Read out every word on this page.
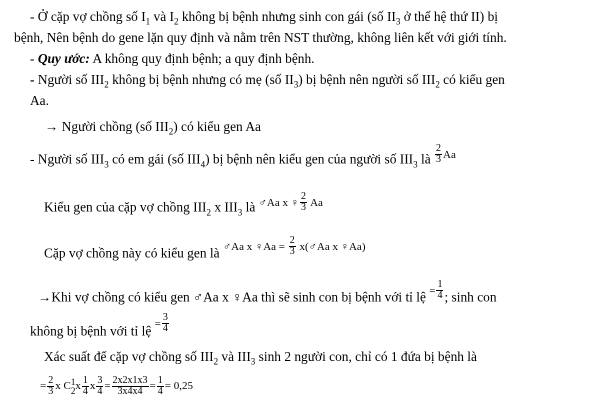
- Ở cặp vợ chồng số $I_1$ và $I_2$ không bị bệnh nhưng sinh con gái (số $II_3$ ở thế hệ thứ II) bị
bệnh, Nên bệnh do gene lặn quy định và nằm trên NST thường, không liên kết với giới tính.
- Quy ước: A không quy định bệnh; a quy định bệnh.
- Người số $III_2$ không bị bệnh nhưng có mẹ (số $II_3$) bị bệnh nên người số $III_2$ có kiểu gen
Aa.
→ Người chồng (số $III_2$) có kiểu gen Aa
- Người số $III_3$ có em gái (số $III_4$) bị bệnh nên kiểu gen của người số $III_3$ là $\frac{2}{3} ^{Aa}$
Kiểu gen của cặp vợ chồng $III_2$ x $III_3$ là $^{♂Aa x ♀} \frac{2}{3} ^{Aa}$
Cặp vợ chồng này có kiểu gen là $^{♂Aa x ♀Aa =} \frac{2}{3} ^{x(♂Aa x ♀Aa)}$
→Khi vợ chồng có kiểu gen ♂Aa x ♀Aa thì sẽ sinh con bị bệnh với tỉ lệ $^= \frac{1}{4}$ ; sinh con
không bị bệnh với tỉ lệ $^= \frac{3}{4}$
Xác suất để cặp vợ chồng số $III_2$ và $III_3$ sinh 2 người con, chỉ có 1 đứa bị bệnh là
= $\frac{2}{3}$ x C 1
2 x $\frac{1}{4}$ x $\frac{3}{4} = \frac{2x2x1x3}{3x4x4} = \frac{1}{4} = 0,25$
